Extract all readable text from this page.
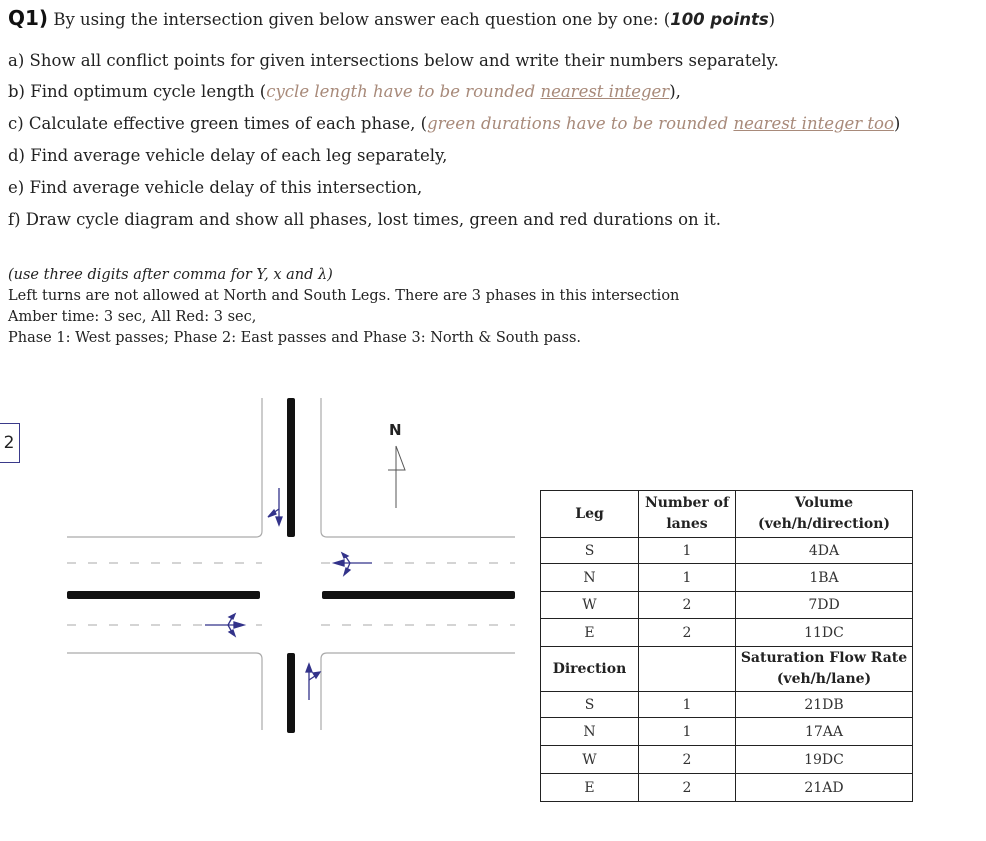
Q1) By using the intersection given below answer each question one by one: (100 points)
a) Show all conflict points for given intersections below and write their numbers separately.
b) Find optimum cycle length (cycle length have to be rounded nearest integer),
c) Calculate effective green times of each phase, (green durations have to be rounded nearest integer too)
d) Find average vehicle delay of each leg separately,
e) Find average vehicle delay of this intersection,
f) Draw cycle diagram and show all phases, lost times, green and red durations on it.
(use three digits after comma for Y, x and λ)
Left turns are not allowed at North and South Legs. There are 3 phases in this intersection
Amber time: 3 sec, All Red: 3 sec,
Phase 1: West passes; Phase 2: East passes and Phase 3: North & South pass.
2
N
Leg	Number of lanes	Volume (veh/h/direction)
S	1	4DA
N	1	1BA
W	2	7DD
E	2	11DC
Direction		Saturation Flow Rate (veh/h/lane)
S	1	21DB
N	1	17AA
W	2	19DC
E	2	21AD
